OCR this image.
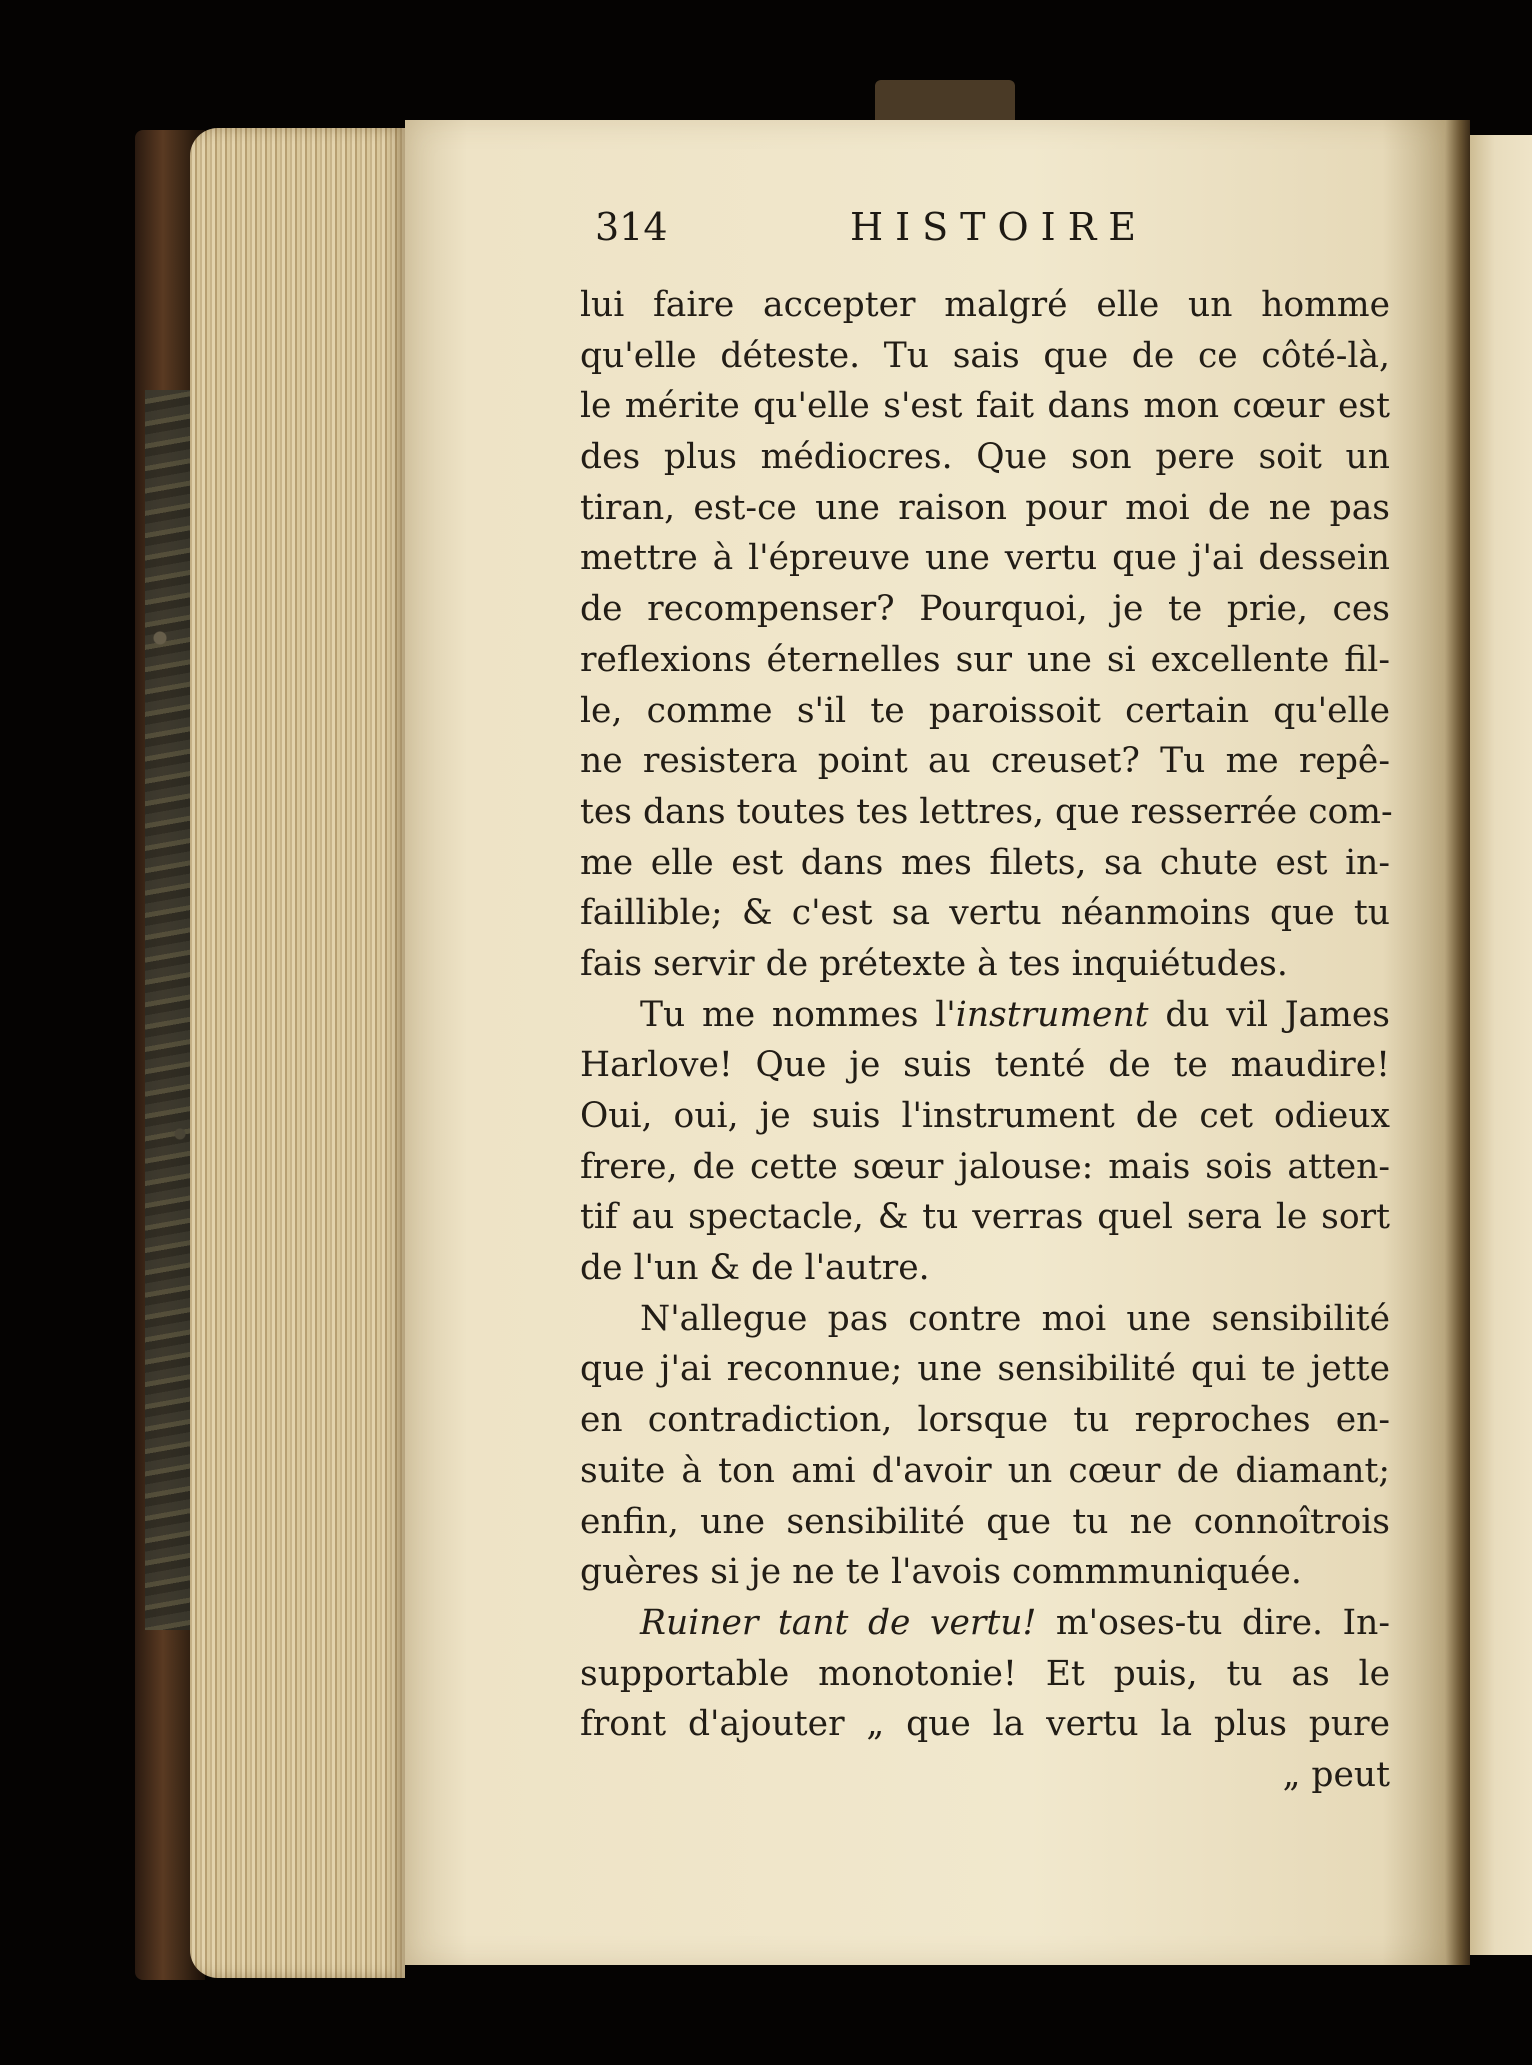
314	HISTOIRE
lui faire accepter malgré elle un homme
qu'elle déteste. Tu sais que de ce côté-là,
le mérite qu'elle s'est fait dans mon cœur est
des plus médiocres. Que son pere soit un
tiran, est-ce une raison pour moi de ne pas
mettre à l'épreuve une vertu que j'ai dessein
de recompenser? Pourquoi, je te prie, ces
reflexions éternelles sur une si excellente fil-
le, comme s'il te paroissoit certain qu'elle
ne resistera point au creuset? Tu me repê-
tes dans toutes tes lettres, que resserrée com-
me elle est dans mes filets, sa chute est in-
faillible; & c'est sa vertu néanmoins que tu
fais servir de prétexte à tes inquiétudes.
Tu me nommes l'instrument du vil James
Harlove! Que je suis tenté de te maudire!
Oui, oui, je suis l'instrument de cet odieux
frere, de cette sœur jalouse: mais sois atten-
tif au spectacle, & tu verras quel sera le sort
de l'un & de l'autre.
N'allegue pas contre moi une sensibilité
que j'ai reconnue; une sensibilité qui te jette
en contradiction, lorsque tu reproches en-
suite à ton ami d'avoir un cœur de diamant;
enfin, une sensibilité que tu ne connoîtrois
guères si je ne te l'avois commmuniquée.
Ruiner tant de vertu! m'oses-tu dire. In-
supportable monotonie! Et puis, tu as le
front d'ajouter „ que la vertu la plus pure
„ peut
